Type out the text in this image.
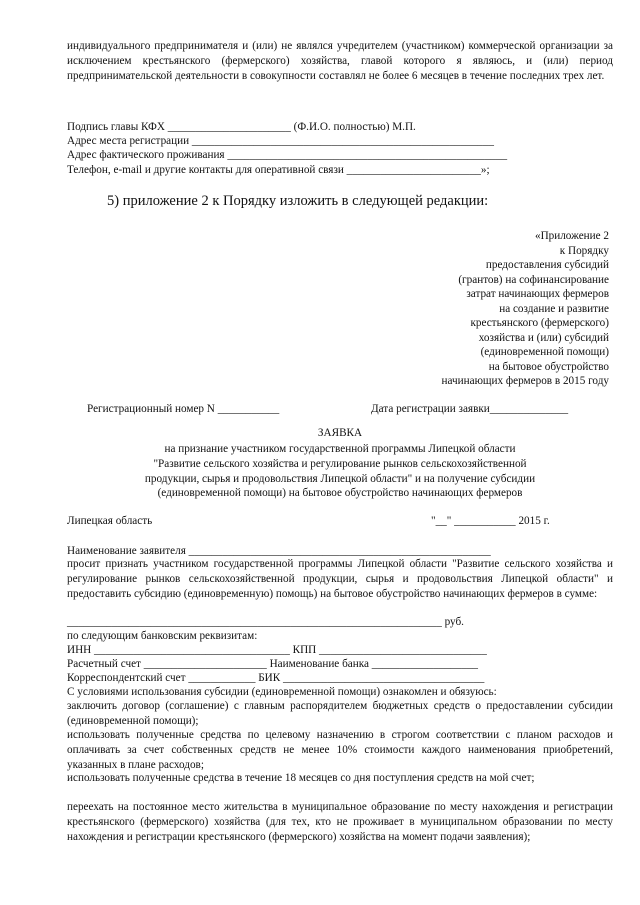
индивидуального предпринимателя и (или) не являлся учредителем (участником) коммерческой организации за исключением крестьянского (фермерского) хозяйства, главой которого я являюсь, и (или) период предпринимательской деятельности в совокупности составлял не более 6 месяцев в течение последних трех лет.

Подпись главы КФХ ______________________ (Ф.И.О. полностью) М.П.
Адрес места регистрации ______________________________________________________
Адрес фактического проживания __________________________________________________
Телефон, e-mail и другие контакты для оперативной связи ________________________»;
5) приложение 2 к Порядку изложить в следующей редакции:
«Приложение 2
к Порядку
предоставления субсидий
(грантов) на софинансирование
затрат начинающих фермеров
на создание и развитие
крестьянского (фермерского)
хозяйства и (или) субсидий
(единовременной помощи)
на бытовое обустройство
начинающих фермеров в 2015 году
Регистрационный номер N ___________	Дата регистрации заявки______________
ЗАЯВКА
на признание участником государственной программы Липецкой области
"Развитие сельского хозяйства и регулирование рынков сельскохозяйственной
продукции, сырья и продовольствия Липецкой области" и на получение субсидии
(единовременной помощи) на бытовое обустройство начинающих фермеров
Липецкая область	"__" ___________ 2015 г.
Наименование заявителя ______________________________________________________

просит признать участником государственной программы Липецкой области "Развитие сельского хозяйства и регулирование рынков сельскохозяйственной продукции, сырья и продовольствия Липецкой области" и предоставить субсидию (единовременную) помощь) на бытовое обустройство начинающих фермеров в сумме:

___________________________________________________________________ руб.
по следующим банковским реквизитам:
ИНН ___________________________________ КПП ______________________________
Расчетный счет ______________________ Наименование банка ___________________
Корреспондентский счет ____________ БИК ____________________________________
С условиями использования субсидии (единовременной помощи) ознакомлен и обязуюсь:

заключить договор (соглашение) с главным распорядителем бюджетных средств о предоставлении субсидии (единовременной помощи);

использовать полученные средства по целевому назначению в строгом соответствии с планом расходов и оплачивать за счет собственных средств не менее 10% стоимости каждого наименования приобретений, указанных в плане расходов;

использовать полученные средства в течение 18 месяцев со дня поступления средств на мой счет;

переехать на постоянное место жительства в муниципальное образование по месту нахождения и регистрации крестьянского (фермерского) хозяйства (для тех, кто не проживает в муниципальном образовании по месту нахождения и регистрации крестьянского (фермерского) хозяйства на момент подачи заявления);
